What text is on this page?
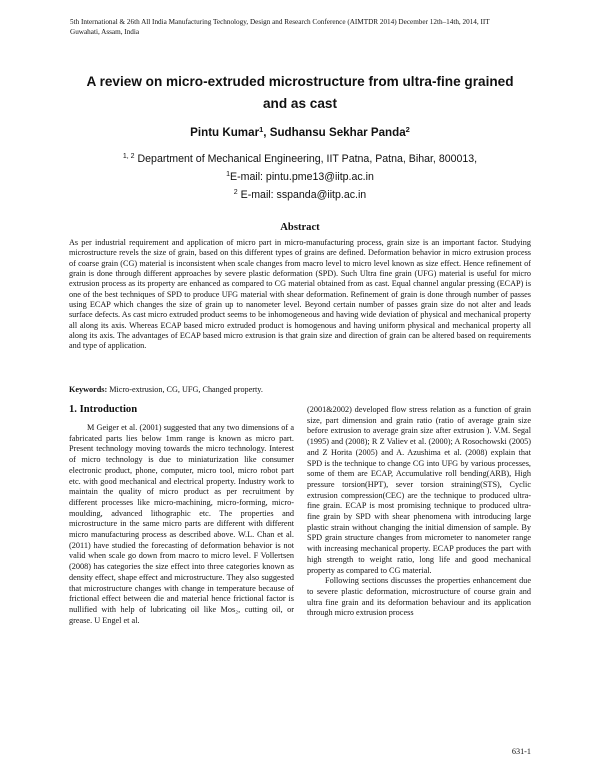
5th International & 26th All India Manufacturing Technology, Design and Research Conference (AIMTDR 2014) December 12th–14th, 2014, IIT
Guwahati, Assam, India
A review on micro-extruded microstructure from ultra-fine grained
and as cast
Pintu Kumar$^1$, Sudhansu Sekhar Panda$^2$
$^{1, 2}$ Department of Mechanical Engineering, IIT Patna, Patna, Bihar, 800013,
$^1$E-mail: pintu.pme13@iitp.ac.in
$^2$ E-mail: sspanda@iitp.ac.in
Abstract
As per industrial requirement and application of micro part in micro-manufacturing process, grain size is an important factor. Studying microstructure revels the size of grain, based on this different types of grains are defined. Deformation behavior in micro extrusion process of coarse grain (CG) material is inconsistent when scale changes from macro level to micro level known as size effect. Hence refinement of grain is done through different approaches by severe plastic deformation (SPD). Such Ultra fine grain (UFG) material is useful for micro extrusion process as its property are enhanced as compared to CG material obtained from as cast. Equal channel angular pressing (ECAP) is one of the best techniques of SPD to produce UFG material with shear deformation. Refinement of grain is done through number of passes using ECAP which changes the size of grain up to nanometer level. Beyond certain number of passes grain size do not alter and leads surface defects. As cast micro extruded product seems to be inhomogeneous and having wide deviation of physical and mechanical property all along its axis. Whereas ECAP based micro extruded product is homogenous and having uniform physical and mechanical property all along its axis. The advantages of ECAP based micro extrusion is that grain size and direction of grain can be altered based on requirements and type of application.
Keywords: Micro-extrusion, CG, UFG, Changed property.
1. Introduction
M Geiger et al. (2001) suggested that any two dimensions of a fabricated parts lies below 1mm range is known as micro part. Present technology moving towards the micro technology. Interest of micro technology is due to miniaturization like consumer electronic product, phone, computer, micro tool, micro robot part etc. with good mechanical and electrical property. Industry work to maintain the quality of micro product as per recruitment by different processes like micro-machining, micro-forming, micro-moulding, advanced lithographic etc. The properties and microstructure in the same micro parts are different with different micro manufacturing process as described above. W.L. Chan et al. (2011) have studied the forecasting of deformation behavior is not valid when scale go down from macro to micro level. F Vollertsen (2008) has categories the size effect into three categories known as density effect, shape effect and microstructure. They also suggested that microstructure changes with change in temperature because of frictional effect between die and material hence frictional factor is nullified with help of lubricating oil like Mos₂, cutting oil, or grease. U Engel et al.

(2001&2002) developed flow stress relation as a function of grain size, part dimension and grain ratio (ratio of average grain size before extrusion to average grain size after extrusion ). V.M. Segal (1995) and (2008); R Z Valiev et al. (2000); A Rosochowski (2005) and Z Horita (2005) and A. Azushima et al. (2008) explain that SPD is the technique to change CG into UFG by various processes, some of them are ECAP, Accumulative roll bending(ARB), High pressure torsion(HPT), sever torsion straining(STS), Cyclic extrusion compression(CEC) are the technique to produced ultra-fine grain. ECAP is most promising technique to produced ultra-fine grain by SPD with shear phenomena with introducing large plastic strain without changing the initial dimension of sample. By SPD grain structure changes from micrometer to nanometer range with increasing mechanical property. ECAP produces the part with high strength to weight ratio, long life and good mechanical property as compared to CG material.

Following sections discusses the properties enhancement due to severe plastic deformation, microstructure of course grain and ultra fine grain and its deformation behaviour and its application through micro extrusion process

631-1
